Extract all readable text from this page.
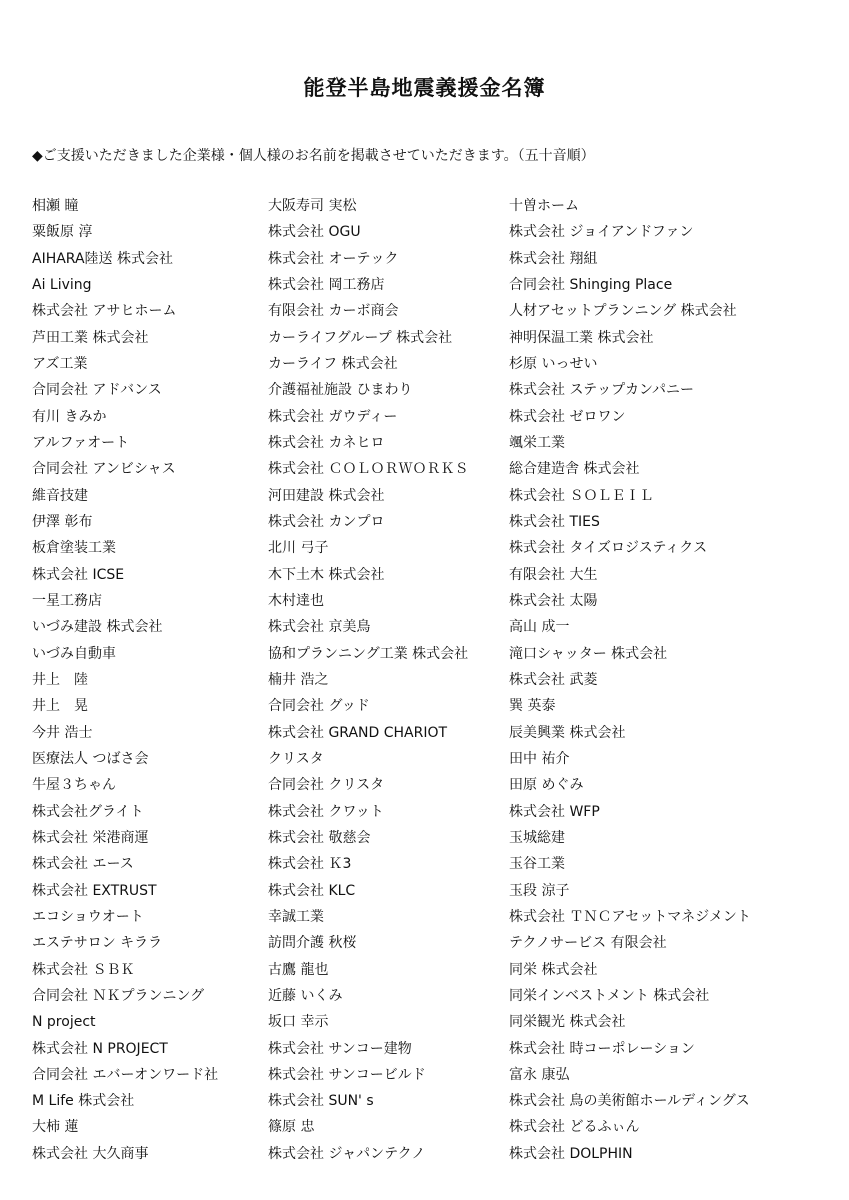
能登半島地震義援金名簿

◆ご支援いただきました企業様・個人様のお名前を掲載させていただきます。（五十音順）

相瀬 瞳
粟飯原 淳
AIHARA陸送 株式会社
Ai Living
株式会社 アサヒホーム
芦田工業 株式会社
アズ工業
合同会社 アドバンス
有川 きみか
アルファオート
合同会社 アンビシャス
維音技建
伊澤 彰布
板倉塗装工業
株式会社 ICSE
一星工務店
いづみ建設 株式会社
いづみ自動車
井上　陸
井上　晃
今井 浩士
医療法人 つばさ会
牛屋３ちゃん
株式会社グライト
株式会社 栄港商運
株式会社 エース
株式会社 EXTRUST
エコショウオート
エステサロン キララ
株式会社 ＳＢＫ
合同会社 ＮＫプランニング
N project
株式会社 N PROJECT
合同会社 エバーオンワード社
M Life 株式会社
大柿 蓮
株式会社 大久商事
大阪寿司 実松
株式会社 OGU
株式会社 オーテック
株式会社 岡工務店
有限会社 カーボ商会
カーライフグループ 株式会社
カーライフ 株式会社
介護福祉施設 ひまわり
株式会社 ガウディー
株式会社 カネヒロ
株式会社 ＣＯＬＯＲＷＯＲＫＳ
河田建設 株式会社
株式会社 カンプロ
北川 弓子
木下土木 株式会社
木村達也
株式会社 京美鳥
協和プランニング工業 株式会社
楠井 浩之
合同会社 グッド
株式会社 GRAND CHARIOT
クリスタ
合同会社 クリスタ
株式会社 クワット
株式会社 敬慈会
株式会社 Ｋ3
株式会社 KLC
幸誠工業
訪問介護 秋桜
古鷹 龍也
近藤 いくみ
坂口 幸示
株式会社 サンコー建物
株式会社 サンコービルド
株式会社 SUN' s
篠原 忠
株式会社 ジャパンテクノ
十曽ホーム
株式会社 ジョイアンドファン
株式会社 翔組
合同会社 Shinging Place
人材アセットプランニング 株式会社
神明保温工業 株式会社
杉原 いっせい
株式会社 ステップカンパニー
株式会社 ゼロワン
颯栄工業
総合建造舎 株式会社
株式会社 ＳＯＬＥＩＬ
株式会社 TIES
株式会社 タイズロジスティクス
有限会社 大生
株式会社 太陽
高山 成一
滝口シャッター 株式会社
株式会社 武菱
巽 英泰
辰美興業 株式会社
田中 祐介
田原 めぐみ
株式会社 WFP
玉城総建
玉谷工業
玉段 涼子
株式会社 ＴＮＣアセットマネジメント
テクノサービス 有限会社
同栄 株式会社
同栄インベストメント 株式会社
同栄観光 株式会社
株式会社 時コーポレーション
富永 康弘
株式会社 鳥の美術館ホールディングス
株式会社 どるふぃん
株式会社 DOLPHIN
